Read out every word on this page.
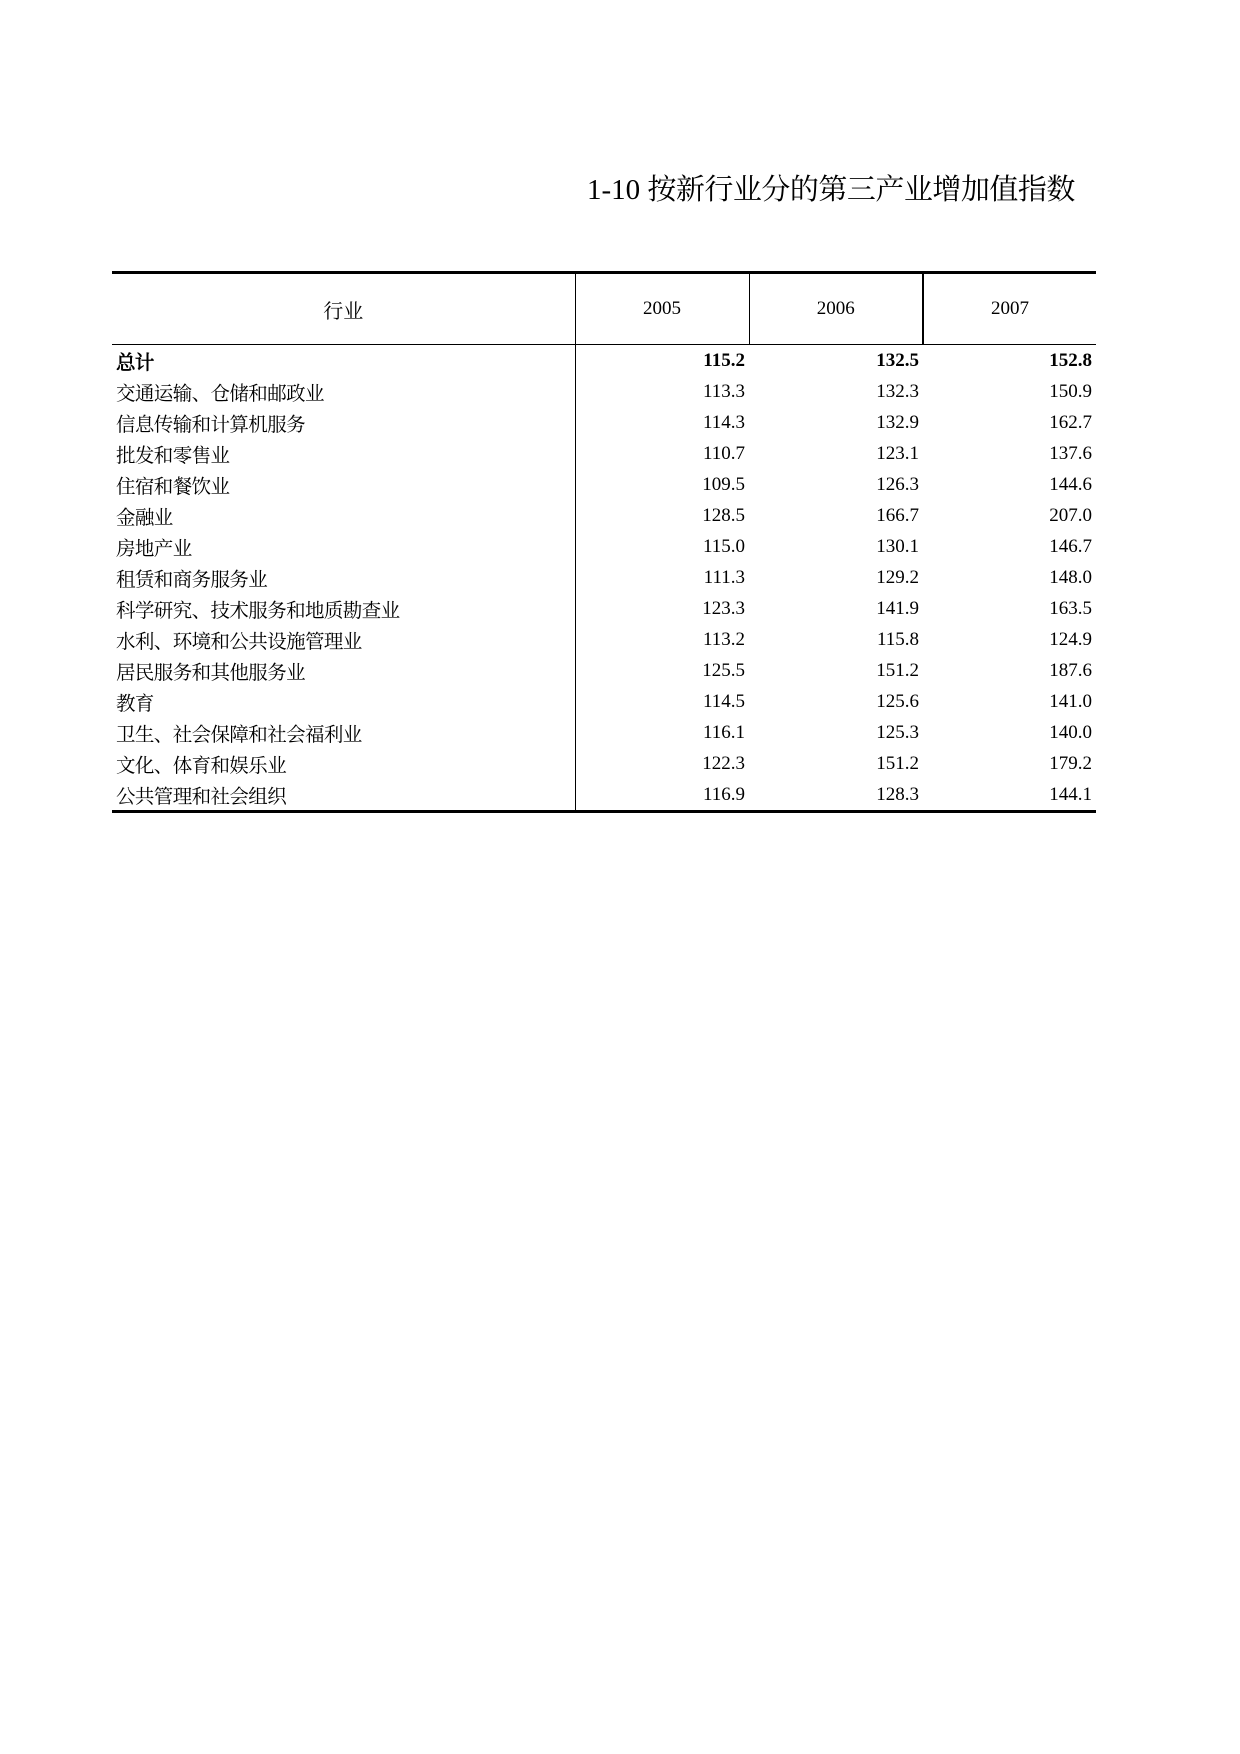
1-10 按新行业分的第三产业增加值指数
行业	2005	2006	2007
总计	115.2	132.5	152.8
交通运输、仓储和邮政业	113.3	132.3	150.9
信息传输和计算机服务	114.3	132.9	162.7
批发和零售业	110.7	123.1	137.6
住宿和餐饮业	109.5	126.3	144.6
金融业	128.5	166.7	207.0
房地产业	115.0	130.1	146.7
租赁和商务服务业	111.3	129.2	148.0
科学研究、技术服务和地质勘查业	123.3	141.9	163.5
水利、环境和公共设施管理业	113.2	115.8	124.9
居民服务和其他服务业	125.5	151.2	187.6
教育	114.5	125.6	141.0
卫生、社会保障和社会福利业	116.1	125.3	140.0
文化、体育和娱乐业	122.3	151.2	179.2
公共管理和社会组织	116.9	128.3	144.1
